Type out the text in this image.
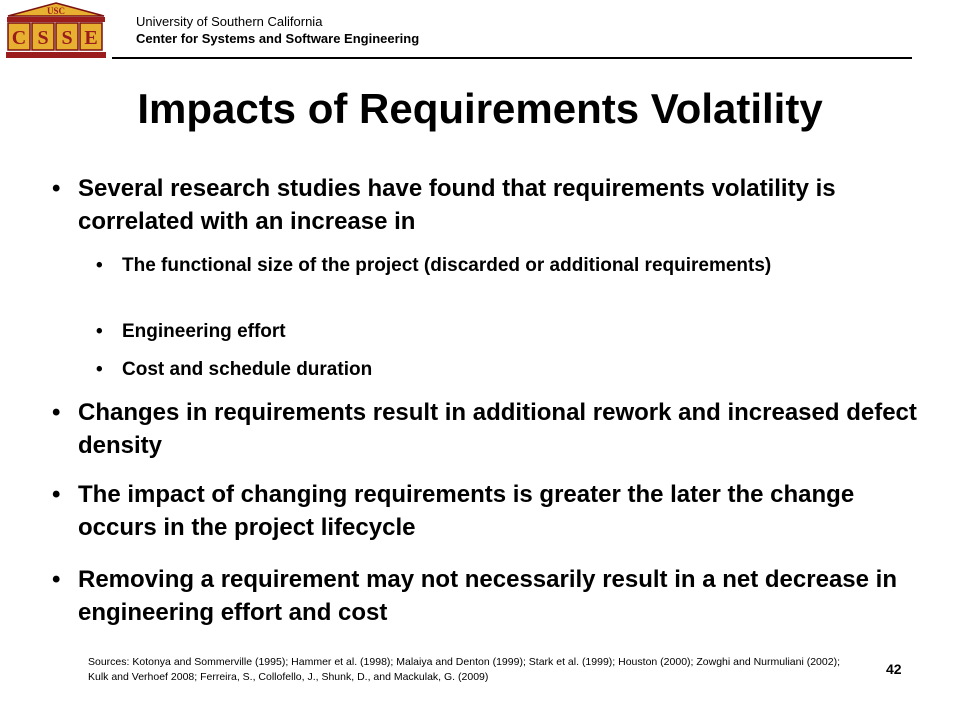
USC
C S S E
University of Southern California
Center for Systems and Software Engineering
Impacts of Requirements Volatility
• Several research studies have found that requirements volatility is correlated with an increase in
• The functional size of the project (discarded or additional requirements)
• Engineering effort
• Cost and schedule duration
• Changes in requirements result in additional rework and increased defect density
• The impact of changing requirements is greater the later the change occurs in the project lifecycle
• Removing a requirement may not necessarily result in a net decrease in engineering effort and cost
Sources: Kotonya and Sommerville (1995); Hammer et al. (1998); Malaiya and Denton (1999); Stark et al. (1999); Houston (2000); Zowghi and Nurmuliani (2002); Kulk and Verhoef 2008; Ferreira, S., Collofello, J., Shunk, D., and Mackulak, G. (2009)	42
